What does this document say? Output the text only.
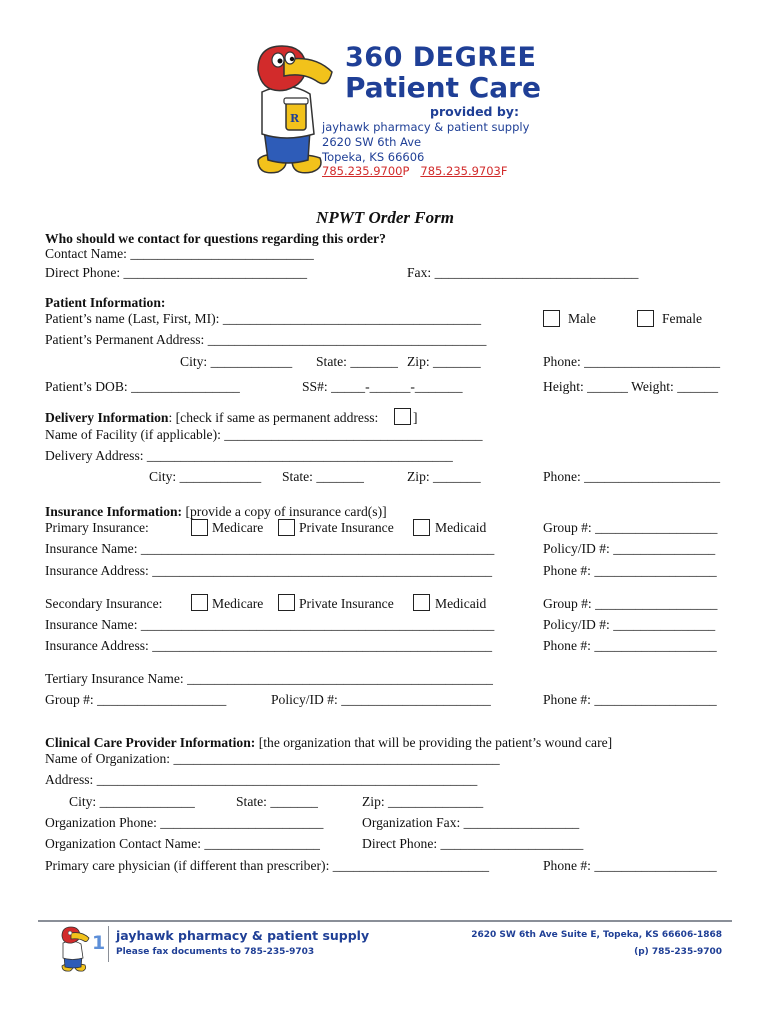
R
360 DEGREE
Patient Care
provided by:
jayhawk pharmacy & patient supply
2620 SW 6th Ave
Topeka, KS 66606
785.235.9700P 785.235.9703F
NPWT Order Form
Who should we contact for questions regarding this order?
Contact Name: ___________________________
Direct Phone: ___________________________	Fax: ______________________________
Patient Information:
Patient’s name (Last, First, MI): ______________________________________	Male	Female
Patient’s Permanent Address: _________________________________________
City: ____________ State: _______ Zip: _______	Phone: ____________________
Patient’s DOB: ________________	SS#: _____-______-_______	Height: ______ Weight: ______
Delivery Information: [check if same as permanent address:	]
Name of Facility (if applicable): ______________________________________
Delivery Address: _____________________________________________
City: ____________ State: _______	Zip: _______	Phone: ____________________
Insurance Information: [provide a copy of insurance card(s)]
Primary Insurance:	Medicare	Private Insurance	Medicaid	Group #: __________________
Insurance Name: ____________________________________________________	Policy/ID #: _______________
Insurance Address: __________________________________________________	Phone #: __________________
Secondary Insurance:	Medicare	Private Insurance	Medicaid	Group #: __________________
Insurance Name: ____________________________________________________	Policy/ID #: _______________
Insurance Address: __________________________________________________	Phone #: __________________
Tertiary Insurance Name: _____________________________________________
Group #: ___________________	Policy/ID #: ______________________	Phone #: __________________
Clinical Care Provider Information: [the organization that will be providing the patient’s wound care]
Name of Organization: ________________________________________________
Address: ________________________________________________________
City: ______________	State: _______	Zip: ______________
Organization Phone: ________________________	Organization Fax: _________________
Organization Contact Name: _________________	Direct Phone: _____________________
Primary care physician (if different than prescriber): _______________________	Phone #: __________________
1 jayhawk pharmacy & patient supply
Please fax documents to 785-235-9703
2620 SW 6th Ave Suite E, Topeka, KS 66606-1868
(p) 785-235-9700
